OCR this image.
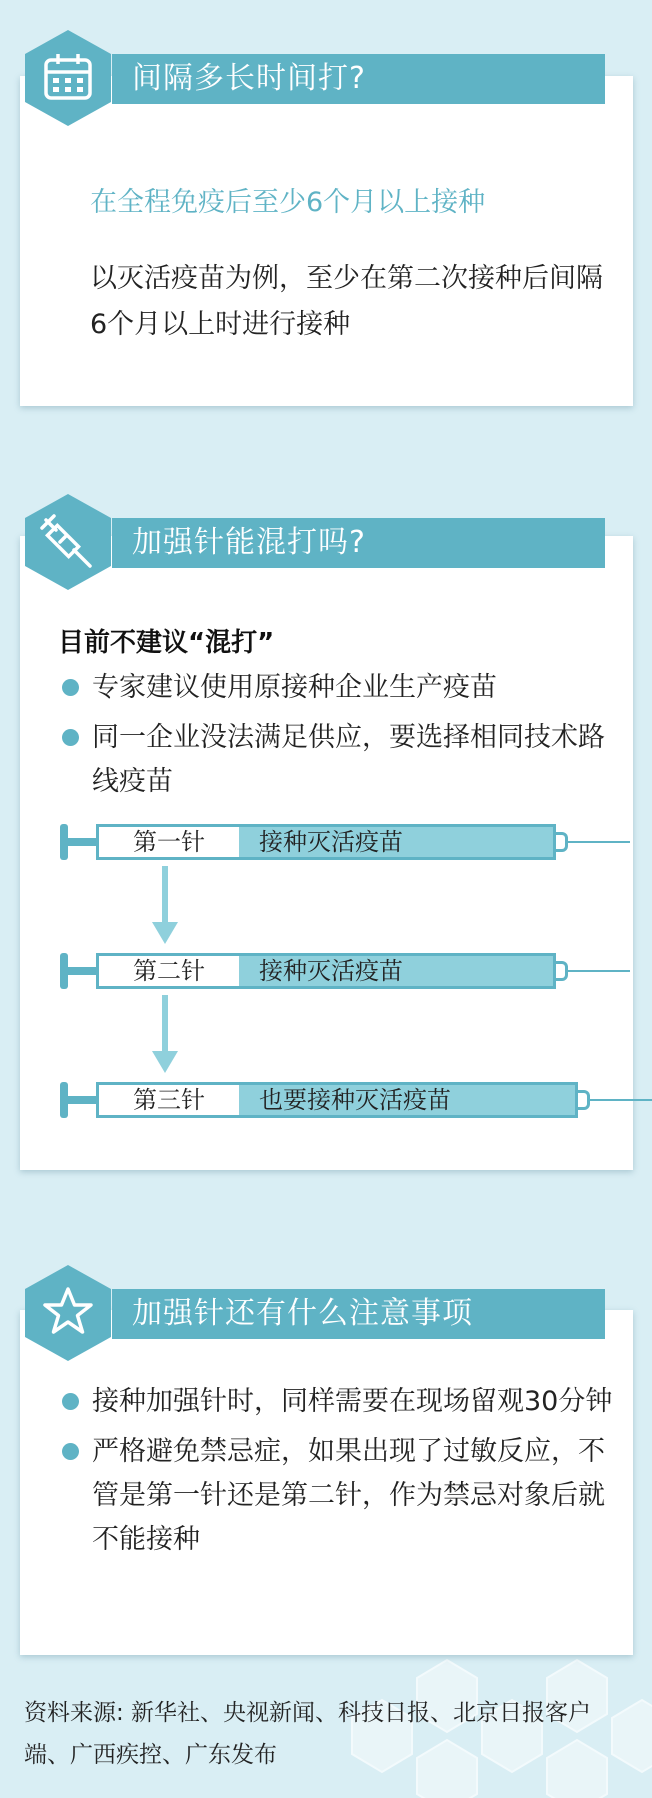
间隔多长时间打?
在全程免疫后至少6个月以上接种
以灭活疫苗为例，至少在第二次接种后间隔6个月以上时进行接种
加强针能混打吗?
目前不建议“混打”
专家建议使用原接种企业生产疫苗
同一企业没法满足供应，要选择相同技术路线疫苗
第一针	接种灭活疫苗
第二针	接种灭活疫苗
第三针	也要接种灭活疫苗
加强针还有什么注意事项
接种加强针时，同样需要在现场留观30分钟
严格避免禁忌症，如果出现了过敏反应，不管是第一针还是第二针，作为禁忌对象后就不能接种
资料来源: 新华社、央视新闻、科技日报、北京日报客户端、广西疾控、广东发布
